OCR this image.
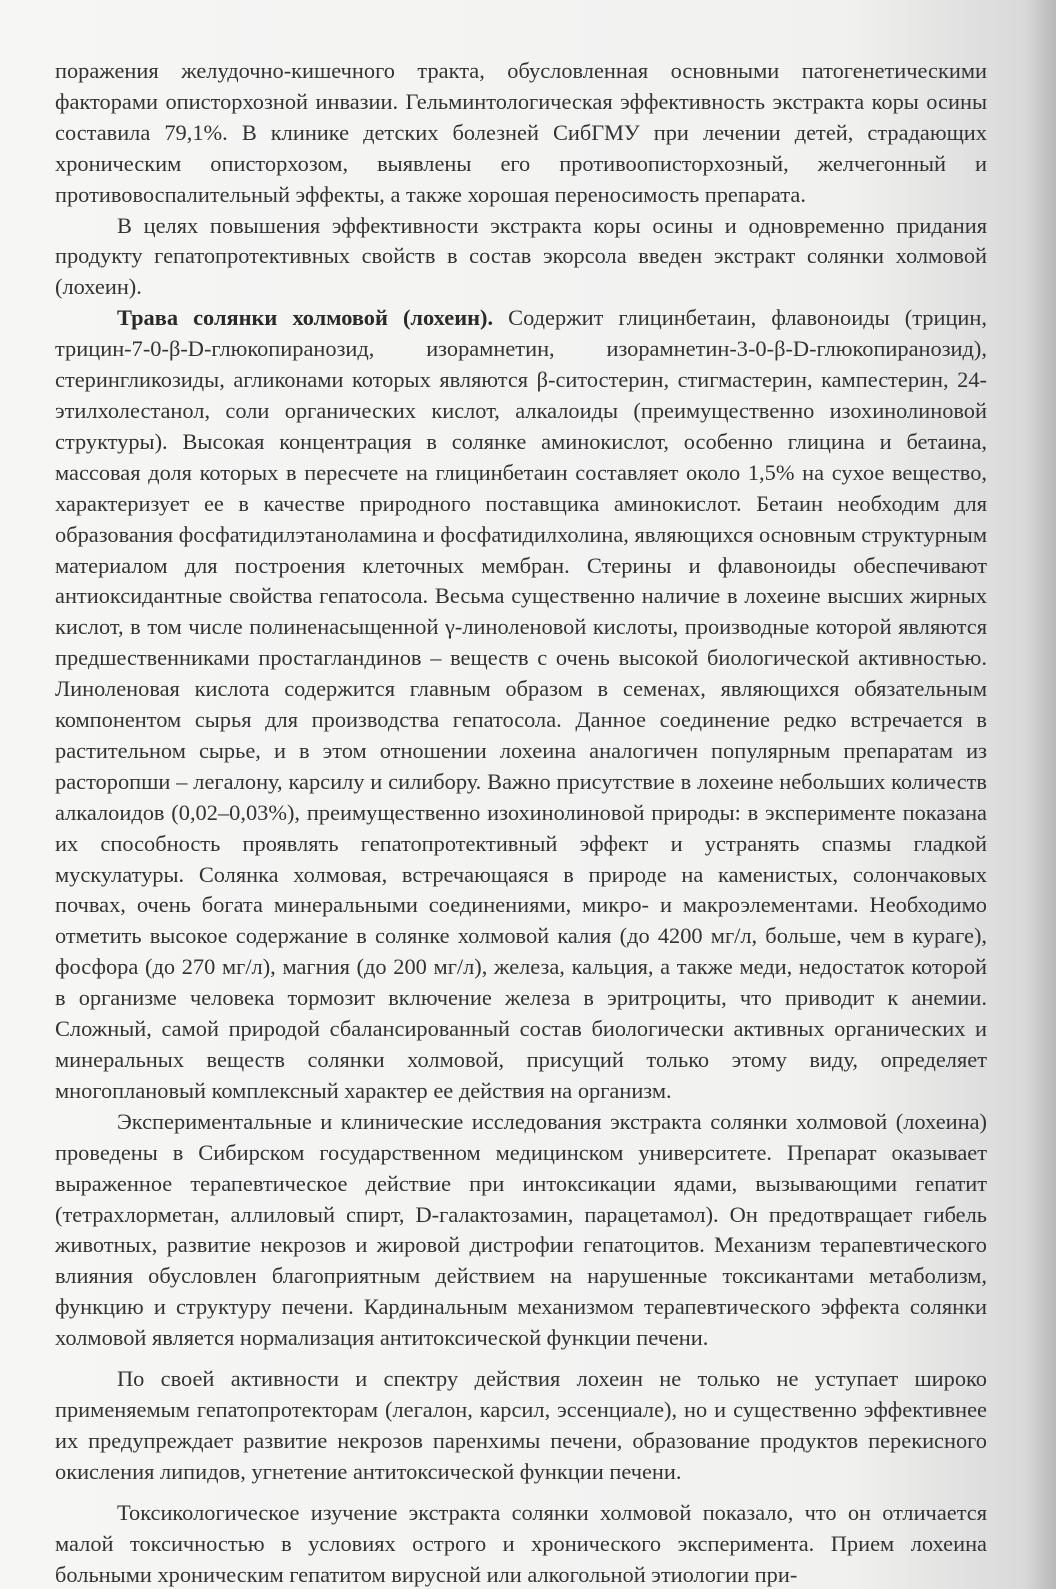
поражения желудочно-кишечного тракта, обусловленная основными патогенетическими факторами описторхозной инвазии. Гельминтологическая эффективность экстракта коры осины составила 79,1%. В клинике детских болезней СибГМУ при лечении детей, страдающих хроническим описторхозом, выявлены его противоописторхозный, желчегонный и противовоспалительный эффекты, а также хорошая переносимость препарата.

В целях повышения эффективности экстракта коры осины и одновременно придания продукту гепатопротективных свойств в состав экорсола введен экстракт солянки холмовой (лохеин).

Трава солянки холмовой (лохеин). Содержит глицинбетаин, флавоноиды (трицин, трицин-7-0-β-D-глюкопиранозид, изорамнетин, изорамнетин-3-0-β-D-глюкопиранозид), стерингликозиды, агликонами которых являются β-ситостерин, стигмастерин, кампестерин, 24-этилхолестанол, соли органических кислот, алкалоиды (преимущественно изохинолиновой структуры). Высокая концентрация в солянке аминокислот, особенно глицина и бетаина, массовая доля которых в пересчете на глицинбетаин составляет около 1,5% на сухое вещество, характеризует ее в качестве природного поставщика аминокислот. Бетаин необходим для образования фосфатидилэтаноламина и фосфатидилхолина, являющихся основным структурным материалом для построения клеточных мембран. Стерины и флавоноиды обеспечивают антиоксидантные свойства гепатосола. Весьма существенно наличие в лохеине высших жирных кислот, в том числе полиненасыщенной γ-линоленовой кислоты, производные которой являются предшественниками простагландинов – веществ с очень высокой биологической активностью. Линоленовая кислота содержится главным образом в семенах, являющихся обязательным компонентом сырья для производства гепатосола. Данное соединение редко встречается в растительном сырье, и в этом отношении лохеина аналогичен популярным препаратам из расторопши – легалону, карсилу и силибору. Важно присутствие в лохеине небольших количеств алкалоидов (0,02–0,03%), преимущественно изохинолиновой природы: в эксперименте показана их способность проявлять гепатопротективный эффект и устранять спазмы гладкой мускулатуры. Солянка холмовая, встречающаяся в природе на каменистых, солончаковых почвах, очень богата минеральными соединениями, микро- и макроэлементами. Необходимо отметить высокое содержание в солянке холмовой калия (до 4200 мг/л, больше, чем в кураге), фосфора (до 270 мг/л), магния (до 200 мг/л), железа, кальция, а также меди, недостаток которой в организме человека тормозит включение железа в эритроциты, что приводит к анемии. Сложный, самой природой сбалансированный состав биологически активных органических и минеральных веществ солянки холмовой, присущий только этому виду, определяет многоплановый комплексный характер ее действия на организм.

Экспериментальные и клинические исследования экстракта солянки холмовой (лохеина) проведены в Сибирском государственном медицинском университете. Препарат оказывает выраженное терапевтическое действие при интоксикации ядами, вызывающими гепатит (тетрахлорметан, аллиловый спирт, D-галактозамин, парацетамол). Он предотвращает гибель животных, развитие некрозов и жировой дистрофии гепатоцитов. Механизм терапевтического влияния обусловлен благоприятным действием на нарушенные токсикантами метаболизм, функцию и структуру печени. Кардинальным механизмом терапевтического эффекта солянки холмовой является нормализация антитоксической функции печени.

По своей активности и спектру действия лохеин не только не уступает широко применяемым гепатопротекторам (легалон, карсил, эссенциале), но и существенно эффективнее их предупреждает развитие некрозов паренхимы печени, образование продуктов перекисного окисления липидов, угнетение антитоксической функции печени.

Токсикологическое изучение экстракта солянки холмовой показало, что он отличается малой токсичностью в условиях острого и хронического эксперимента. Прием лохеина больными хроническим гепатитом вирусной или алкогольной этиологии при-
